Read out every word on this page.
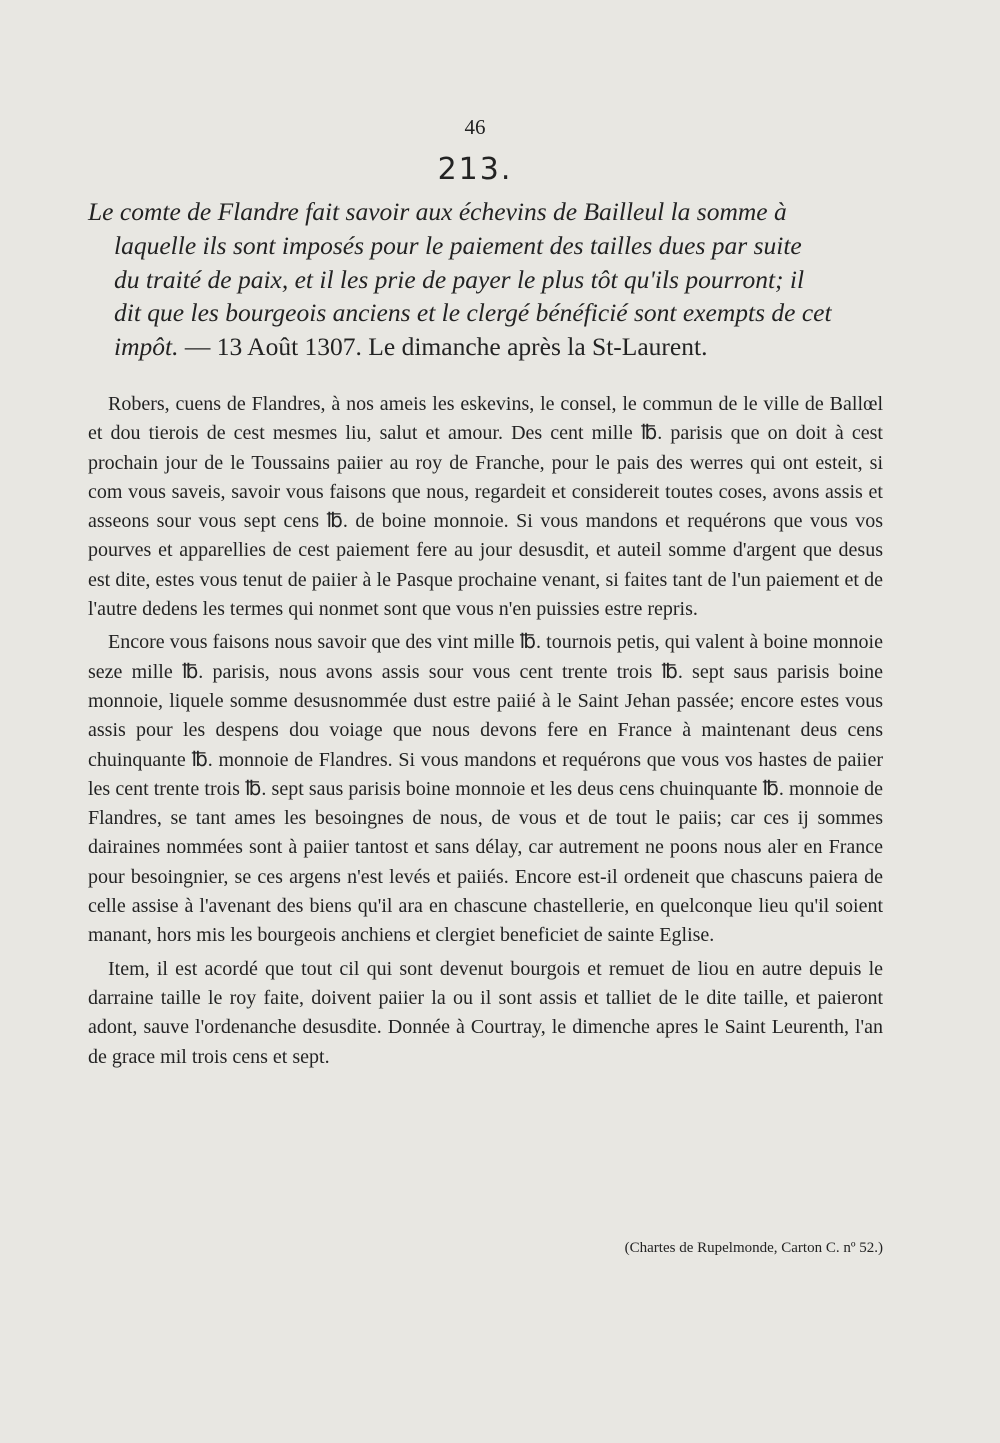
46
213.
Le comte de Flandre fait savoir aux échevins de Bailleul la somme à
laquelle ils sont imposés pour le paiement des tailles dues par suite
du traité de paix, et il les prie de payer le plus tôt qu'ils pourront; il
dit que les bourgeois anciens et le clergé bénéficié sont exempts de cet
impôt. — 13 Août 1307. Le dimanche après la St-Laurent.

Robers, cuens de Flandres, à nos ameis les eskevins, le consel, le commun de le ville de Ballœl et dou tierois de cest mesmes liu, salut et amour. Des cent mille ℔. parisis que on doit à cest prochain jour de le Toussains paiier au roy de Franche, pour le pais des werres qui ont esteit, si com vous saveis, savoir vous faisons que nous, regardeit et considereit toutes coses, avons assis et asseons sour vous sept cens ℔. de boine monnoie. Si vous mandons et requérons que vous vos pourves et apparellies de cest paiement fere au jour desusdit, et auteil somme d'argent que desus est dite, estes vous tenut de paiier à le Pasque prochaine venant, si faites tant de l'un paiement et de l'autre dedens les termes qui nonmet sont que vous n'en puissies estre repris.

Encore vous faisons nous savoir que des vint mille ℔. tournois petis, qui valent à boine monnoie seze mille ℔. parisis, nous avons assis sour vous cent trente trois ℔. sept saus parisis boine monnoie, liquele somme desusnommée dust estre paiié à le Saint Jehan passée; encore estes vous assis pour les despens dou voiage que nous devons fere en France à maintenant deus cens chuinquante ℔. monnoie de Flandres. Si vous mandons et requérons que vous vos hastes de paiier les cent trente trois ℔. sept saus parisis boine monnoie et les deus cens chuinquante ℔. monnoie de Flandres, se tant ames les besoingnes de nous, de vous et de tout le paiis; car ces ij sommes dairaines nommées sont à paiier tantost et sans délay, car autrement ne poons nous aler en France pour besoingnier, se ces argens n'est levés et paiiés. Encore est-il ordeneit que chascuns paiera de celle assise à l'avenant des biens qu'il ara en chascune chastellerie, en quelconque lieu qu'il soient manant, hors mis les bourgeois anchiens et clergiet beneficiet de sainte Eglise.

Item, il est acordé que tout cil qui sont devenut bourgois et remuet de liou en autre depuis le darraine taille le roy faite, doivent paiier la ou il sont assis et talliet de le dite taille, et paieront adont, sauve l'ordenanche desusdite. Donnée à Courtray, le dimenche apres le Saint Leurenth, l'an de grace mil trois cens et sept.

(Chartes de Rupelmonde, Carton C. nº 52.)
